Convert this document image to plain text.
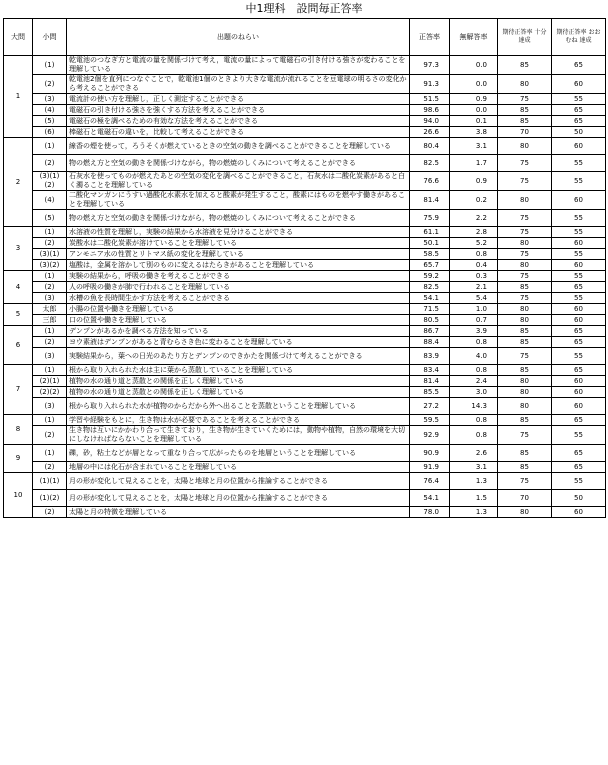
中1理科　設問毎正答率
大問	小問	出題のねらい	正答率	無解答率	期待正答率 十分 達成	期待正答率 おおむね 達成
1	(1)	乾電池のつなぎ方と電流の量を関係づけて考え，電流の量によって電磁石の引き付ける強さが変わることを理解している	97.3	0.0	85	65
	(2)	乾電池2個を直列につなぐことで，乾電池1個のときより大きな電流が流れることを豆電球の明るさの変化から考えることができる	91.3	0.0	80	60
	(3)	電流計の使い方を理解し，正しく測定することができる	51.5	0.9	75	55
	(4)	電磁石の引き付ける強さを強くする方法を考えることができる	98.6	0.0	85	65
	(5)	電磁石の極を調べるための有効な方法を考えることができる	94.0	0.1	85	65
	(6)	棒磁石と電磁石の違いを，比較して考えることができる	26.6	3.8	70	50
2	(1)	線香の煙を使って，ろうそくが燃えているときの空気の動きを調べることができることを理解している	80.4	3.1	80	60
	(2)	物の燃え方と空気の動きを関係づけながら，物の燃焼のしくみについて考えることができる	82.5	1.7	75	55
	(3)(1)(2)	石灰水を使ってものが燃えたあとの空気の変化を調べることができること，石灰水は二酸化炭素があると白く濁ることを理解している	76.6	0.9	75	55
	(4)	二酸化マンガンにうすい過酸化水素水を加えると酸素が発生すること，酸素にはものを燃やす働きがあることを理解している	81.4	0.2	80	60
	(5)	物の燃え方と空気の動きを関係づけながら，物の燃焼のしくみについて考えることができる	75.9	2.2	75	55
3	(1)	水溶液の性質を理解し，実験の結果から水溶液を見分けることができる	61.1	2.8	75	55
	(2)	炭酸水は二酸化炭素が溶けていることを理解している	50.1	5.2	80	60
	(3)(1)	アンモニア水の性質とリトマス紙の変化を理解している	58.5	0.8	75	55
	(3)(2)	塩酸は，金属を溶かして別のものに変えるはたらきがあることを理解している	65.7	0.4	80	60
4	(1)	実験の結果から，呼吸の働きを考えることができる	59.2	0.3	75	55
	(2)	人の呼吸の働きが肺で行われることを理解している	82.5	2.1	85	65
	(3)	水槽の魚を長時間生かす方法を考えることができる	54.1	5.4	75	55
5	太郎	小腸の位置や働きを理解している	71.5	1.0	80	60
	三郎	口の位置や働きを理解している	80.5	0.7	80	60
6	(1)	デンプンがあるかを調べる方法を知っている	86.7	3.9	85	65
	(2)	ヨウ素液はデンプンがあると青むらさき色に変わることを理解している	88.4	0.8	85	65
	(3)	実験結果から，葉への日光のあたり方とデンプンのできかたを関係づけて考えることができる	83.9	4.0	75	55
7	(1)	根から取り入れられた水は主に葉から蒸散していることを理解している	83.4	0.8	85	65
	(2)(1)	植物の水の通り道と蒸散との関係を正しく理解している	81.4	2.4	80	60
	(2)(2)	植物の水の通り道と蒸散との関係を正しく理解している	85.5	3.0	80	60
	(3)	根から取り入れられた水が植物のからだから外へ出ることを蒸散ということを理解している	27.2	14.3	80	60
8	(1)	学習や経験をもとに，生き物は水が必要であることを考えることができる	59.5	0.8	85	65
	(2)	生き物は互いにかかわり合って生きており，生き物が生きていくためには，動物や植物，自然の環境を大切にしなければならないことを理解している	92.9	0.8	75	55
9	(1)	礫，砂，粘土などが層となって重なり合って広がったものを地層ということを理解している	90.9	2.6	85	65
	(2)	地層の中には化石が含まれていることを理解している	91.9	3.1	85	65
10	(1)(1)	月の形が変化して見えることを，太陽と地球と月の位置から推論することができる	76.4	1.3	75	55
	(1)(2)	月の形が変化して見えることを，太陽と地球と月の位置から推論することができる	54.1	1.5	70	50
	(2)	太陽と月の特徴を理解している	78.0	1.3	80	60
